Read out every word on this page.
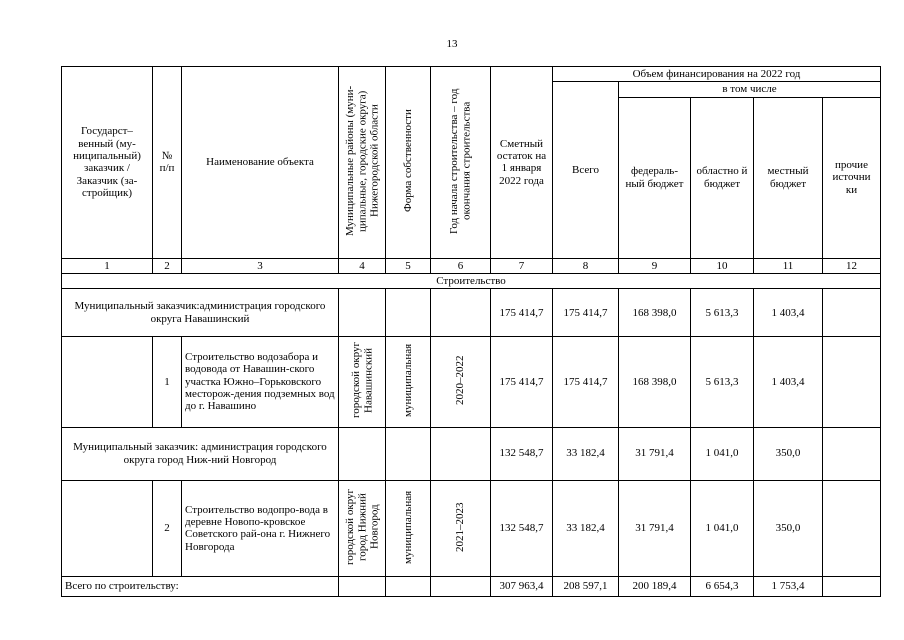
13
Государст–венный (му-ниципальный) заказчик / Заказчик (за-стройщик)	№ п/п	Наименование объекта	Муниципальные районы (муни-ципальные, городские округа) Нижегородской области	Форма собственности	Год начала строительства – год окончания строительства	Сметный остаток на 1 января 2022 года	Объем финансирования на 2022 год				
							Всего	в том числе			
								федераль-ный бюджет	областно й бюджет	местный бюджет	прочие источни ки
1	2	3	4	5	6	7	8	9	10	11	12
Строительство											
Муниципальный заказчик:администрация городского округа Навашинский						175 414,7	175 414,7	168 398,0	5 613,3	1 403,4	
	1	Строительство водозабора и водовода от Навашин-ского участка Южно–Горьковского месторож-дения подземных вод до г. Навашино	городской округ Навашинский	муниципальная	2020–2022	175 414,7	175 414,7	168 398,0	5 613,3	1 403,4	
Муниципальный заказчик: администрация городского округа город Ниж-ний Новгород						132 548,7	33 182,4	31 791,4	1 041,0	350,0	
	2	Строительство водопро-вода в деревне Новопо-кровское Советского рай-она г. Нижнего Новгорода	городской округ город Нижний Новгород	муниципальная	2021–2023	132 548,7	33 182,4	31 791,4	1 041,0	350,0	
Всего по строительству:						307 963,4	208 597,1	200 189,4	6 654,3	1 753,4	
